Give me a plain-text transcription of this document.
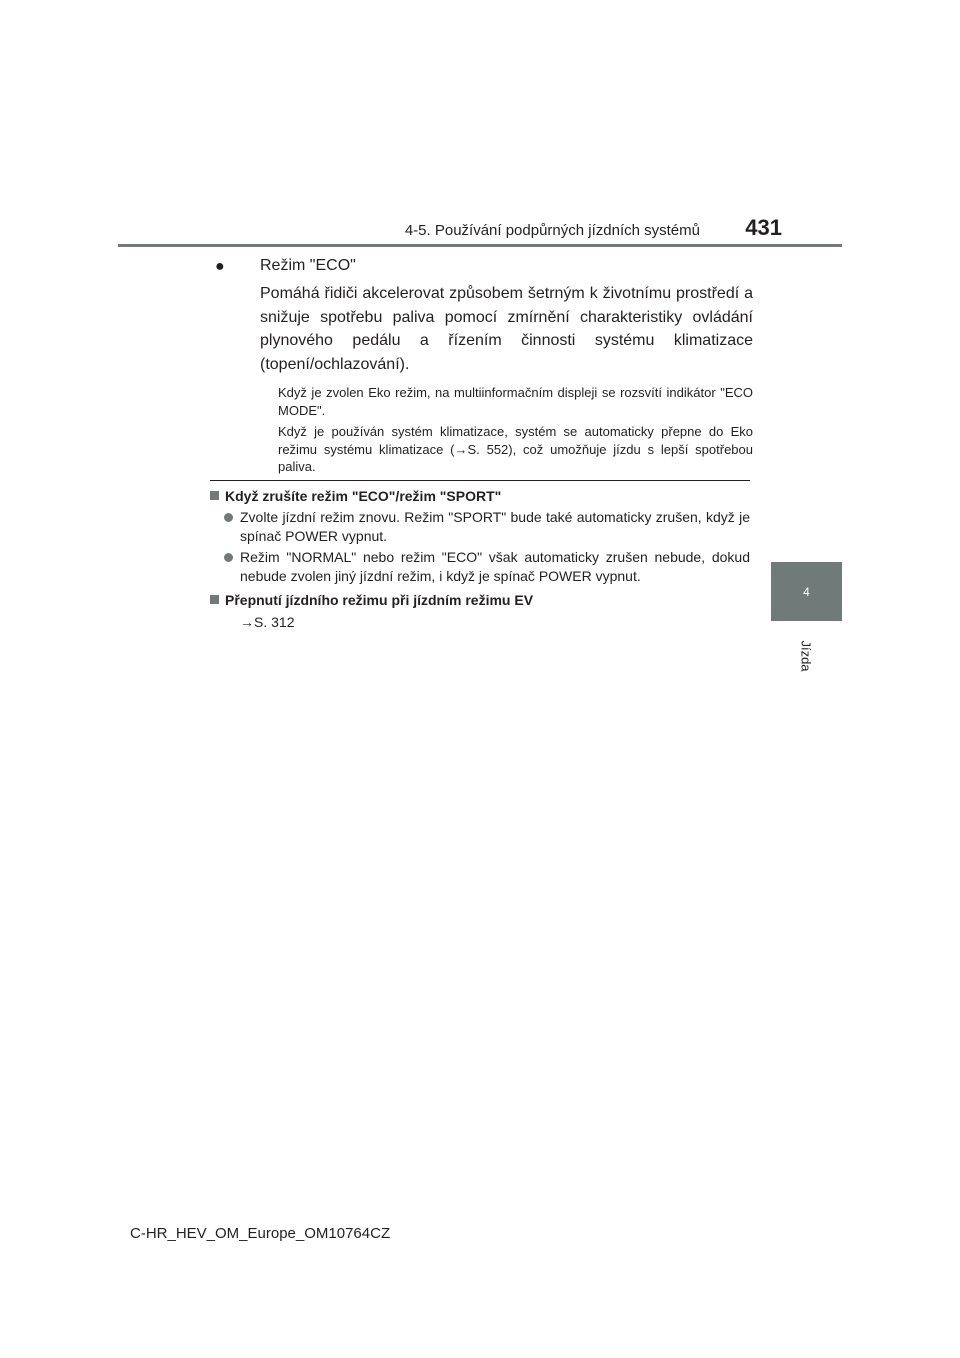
4-5. Používání podpůrných jízdních systémů	431
4
Jízda
● Režim "ECO"
Pomáhá řidiči akcelerovat způsobem šetrným k životnímu prostředí a snižuje spotřebu paliva pomocí zmírnění charakteristiky ovládání plynového pedálu a řízením činnosti systému klimatizace (topení/ochlazování).
Když je zvolen Eko režim, na multiinformačním displeji se rozsvítí indikátor "ECO MODE".
Když je používán systém klimatizace, systém se automaticky přepne do Eko režimu systému klimatizace (→S. 552), což umožňuje jízdu s lepší spotřebou paliva.
Když zrušíte režim "ECO"/režim "SPORT"
Zvolte jízdní režim znovu. Režim "SPORT" bude také automaticky zrušen, když je spínač POWER vypnut.
Režim "NORMAL" nebo režim "ECO" však automaticky zrušen nebude, dokud nebude zvolen jiný jízdní režim, i když je spínač POWER vypnut.
Přepnutí jízdního režimu při jízdním režimu EV
→S. 312
C-HR_HEV_OM_Europe_OM10764CZ
